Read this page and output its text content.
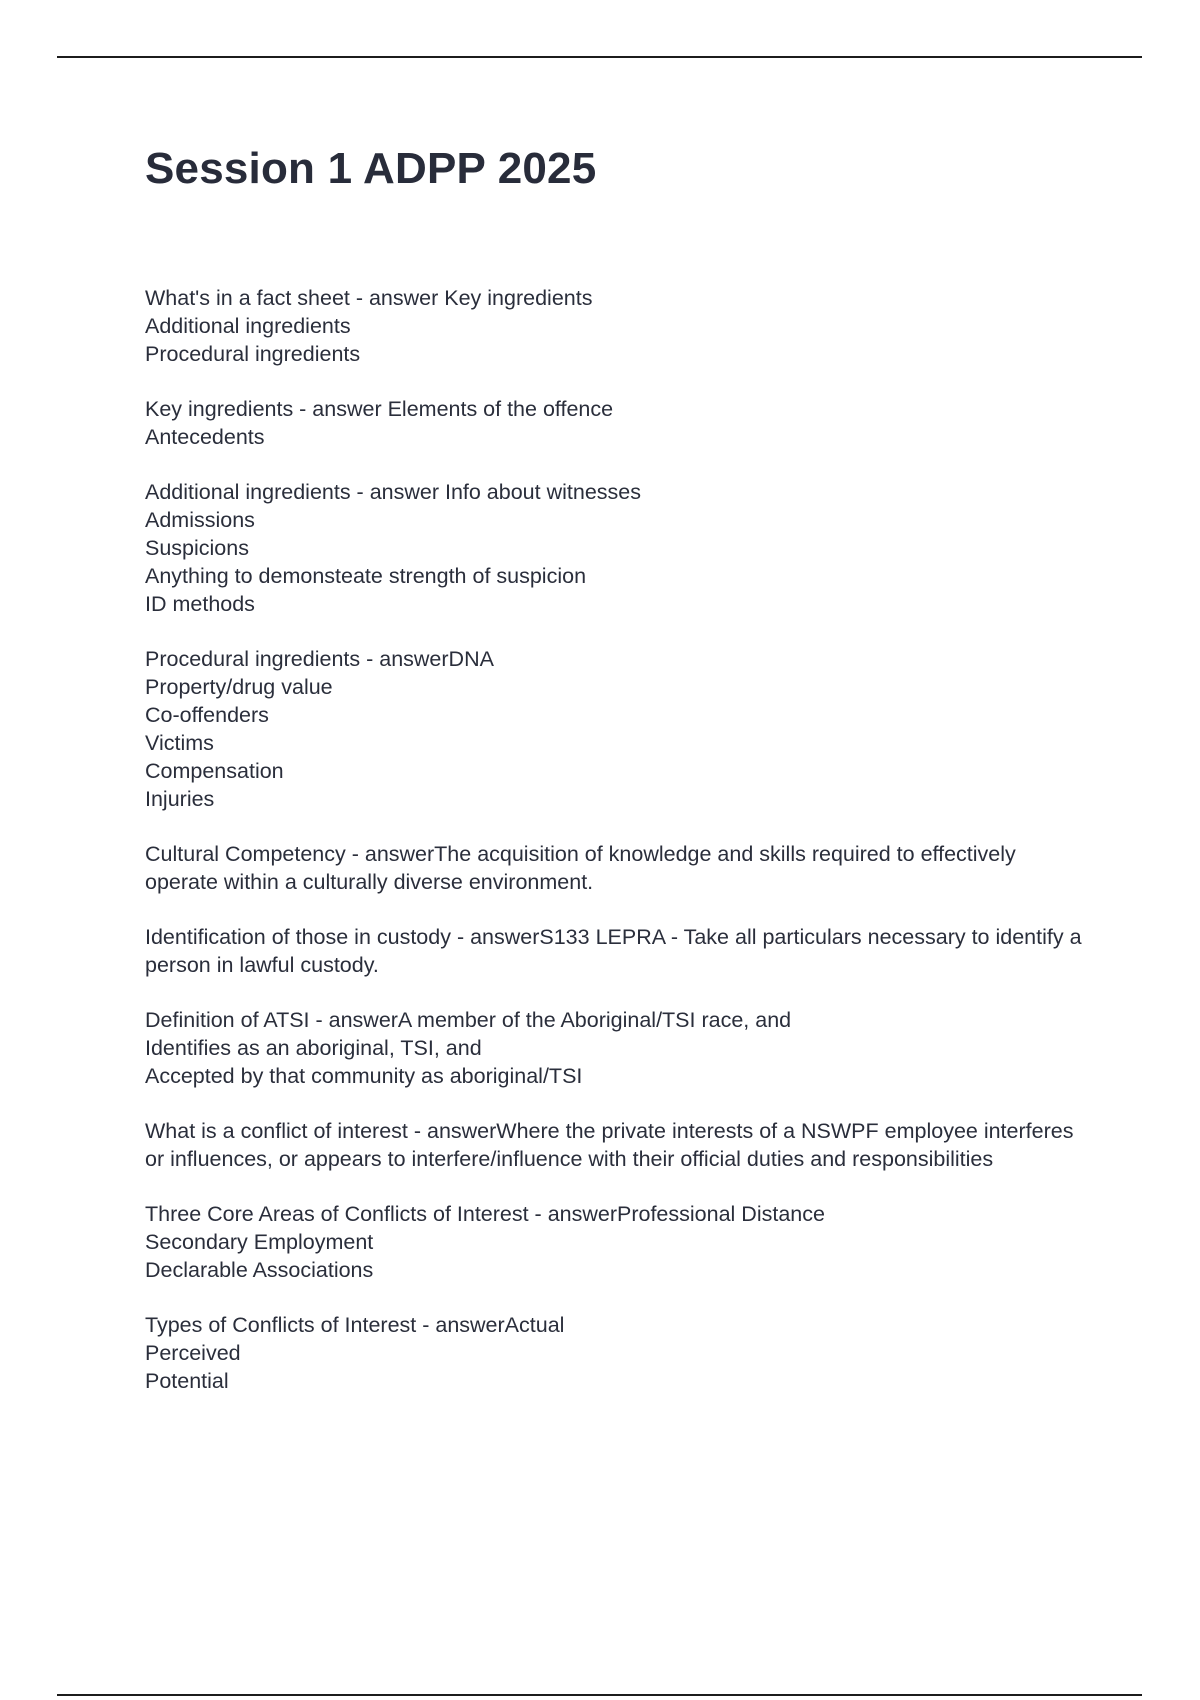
Session 1 ADPP 2025
What's in a fact sheet - answer Key ingredients
Additional ingredients
Procedural ingredients
Key ingredients - answer Elements of the offence
Antecedents
Additional ingredients - answer Info about witnesses
Admissions
Suspicions
Anything to demonsteate strength of suspicion
ID methods
Procedural ingredients - answerDNA
Property/drug value
Co-offenders
Victims
Compensation
Injuries
Cultural Competency - answerThe acquisition of knowledge and skills required to effectively operate within a culturally diverse environment.
Identification of those in custody - answerS133 LEPRA - Take all particulars necessary to identify a person in lawful custody.
Definition of ATSI - answerA member of the Aboriginal/TSI race, and
Identifies as an aboriginal, TSI, and
Accepted by that community as aboriginal/TSI
What is a conflict of interest - answerWhere the private interests of a NSWPF employee interferes or influences, or appears to interfere/influence with their official duties and responsibilities
Three Core Areas of Conflicts of Interest - answerProfessional Distance
Secondary Employment
Declarable Associations
Types of Conflicts of Interest - answerActual
Perceived
Potential
